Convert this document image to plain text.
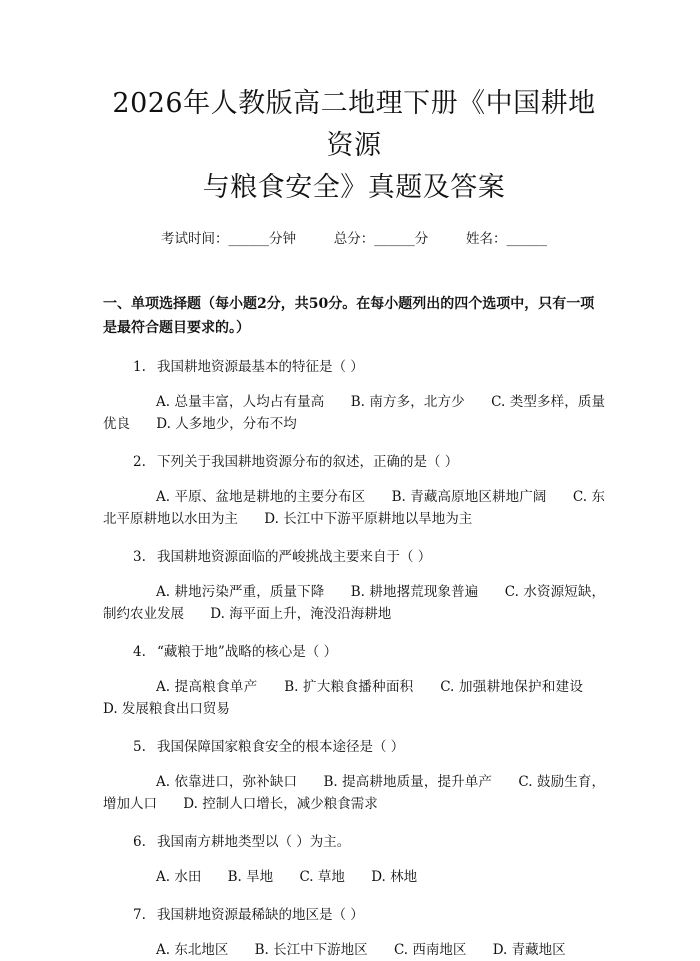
2026年人教版高二地理下册《中国耕地资源
与粮食安全》真题及答案
考试时间：______分钟	总分：______分	姓名：______
一、单项选择题（每小题2分，共50分。在每小题列出的四个选项中，只有一项是最符合题目要求的。）
1. 我国耕地资源最基本的特征是（ ）
A. 总量丰富，人均占有量高 B. 南方多，北方少 C. 类型多样，质量优良 D. 人多地少，分布不均
2. 下列关于我国耕地资源分布的叙述，正确的是（ ）
A. 平原、盆地是耕地的主要分布区 B. 青藏高原地区耕地广阔 C. 东北平原耕地以水田为主 D. 长江中下游平原耕地以旱地为主
3. 我国耕地资源面临的严峻挑战主要来自于（ ）
A. 耕地污染严重，质量下降 B. 耕地撂荒现象普遍 C. 水资源短缺，制约农业发展 D. 海平面上升，淹没沿海耕地
4. “藏粮于地”战略的核心是（ ）
A. 提高粮食单产 B. 扩大粮食播种面积 C. 加强耕地保护和建设 D. 发展粮食出口贸易
5. 我国保障国家粮食安全的根本途径是（ ）
A. 依靠进口，弥补缺口 B. 提高耕地质量，提升单产 C. 鼓励生育，增加人口 D. 控制人口增长，减少粮食需求
6. 我国南方耕地类型以（ ）为主。
A. 水田 B. 旱地 C. 草地 D. 林地
7. 我国耕地资源最稀缺的地区是（ ）
A. 东北地区 B. 长江中下游地区 C. 西南地区 D. 青藏地区
